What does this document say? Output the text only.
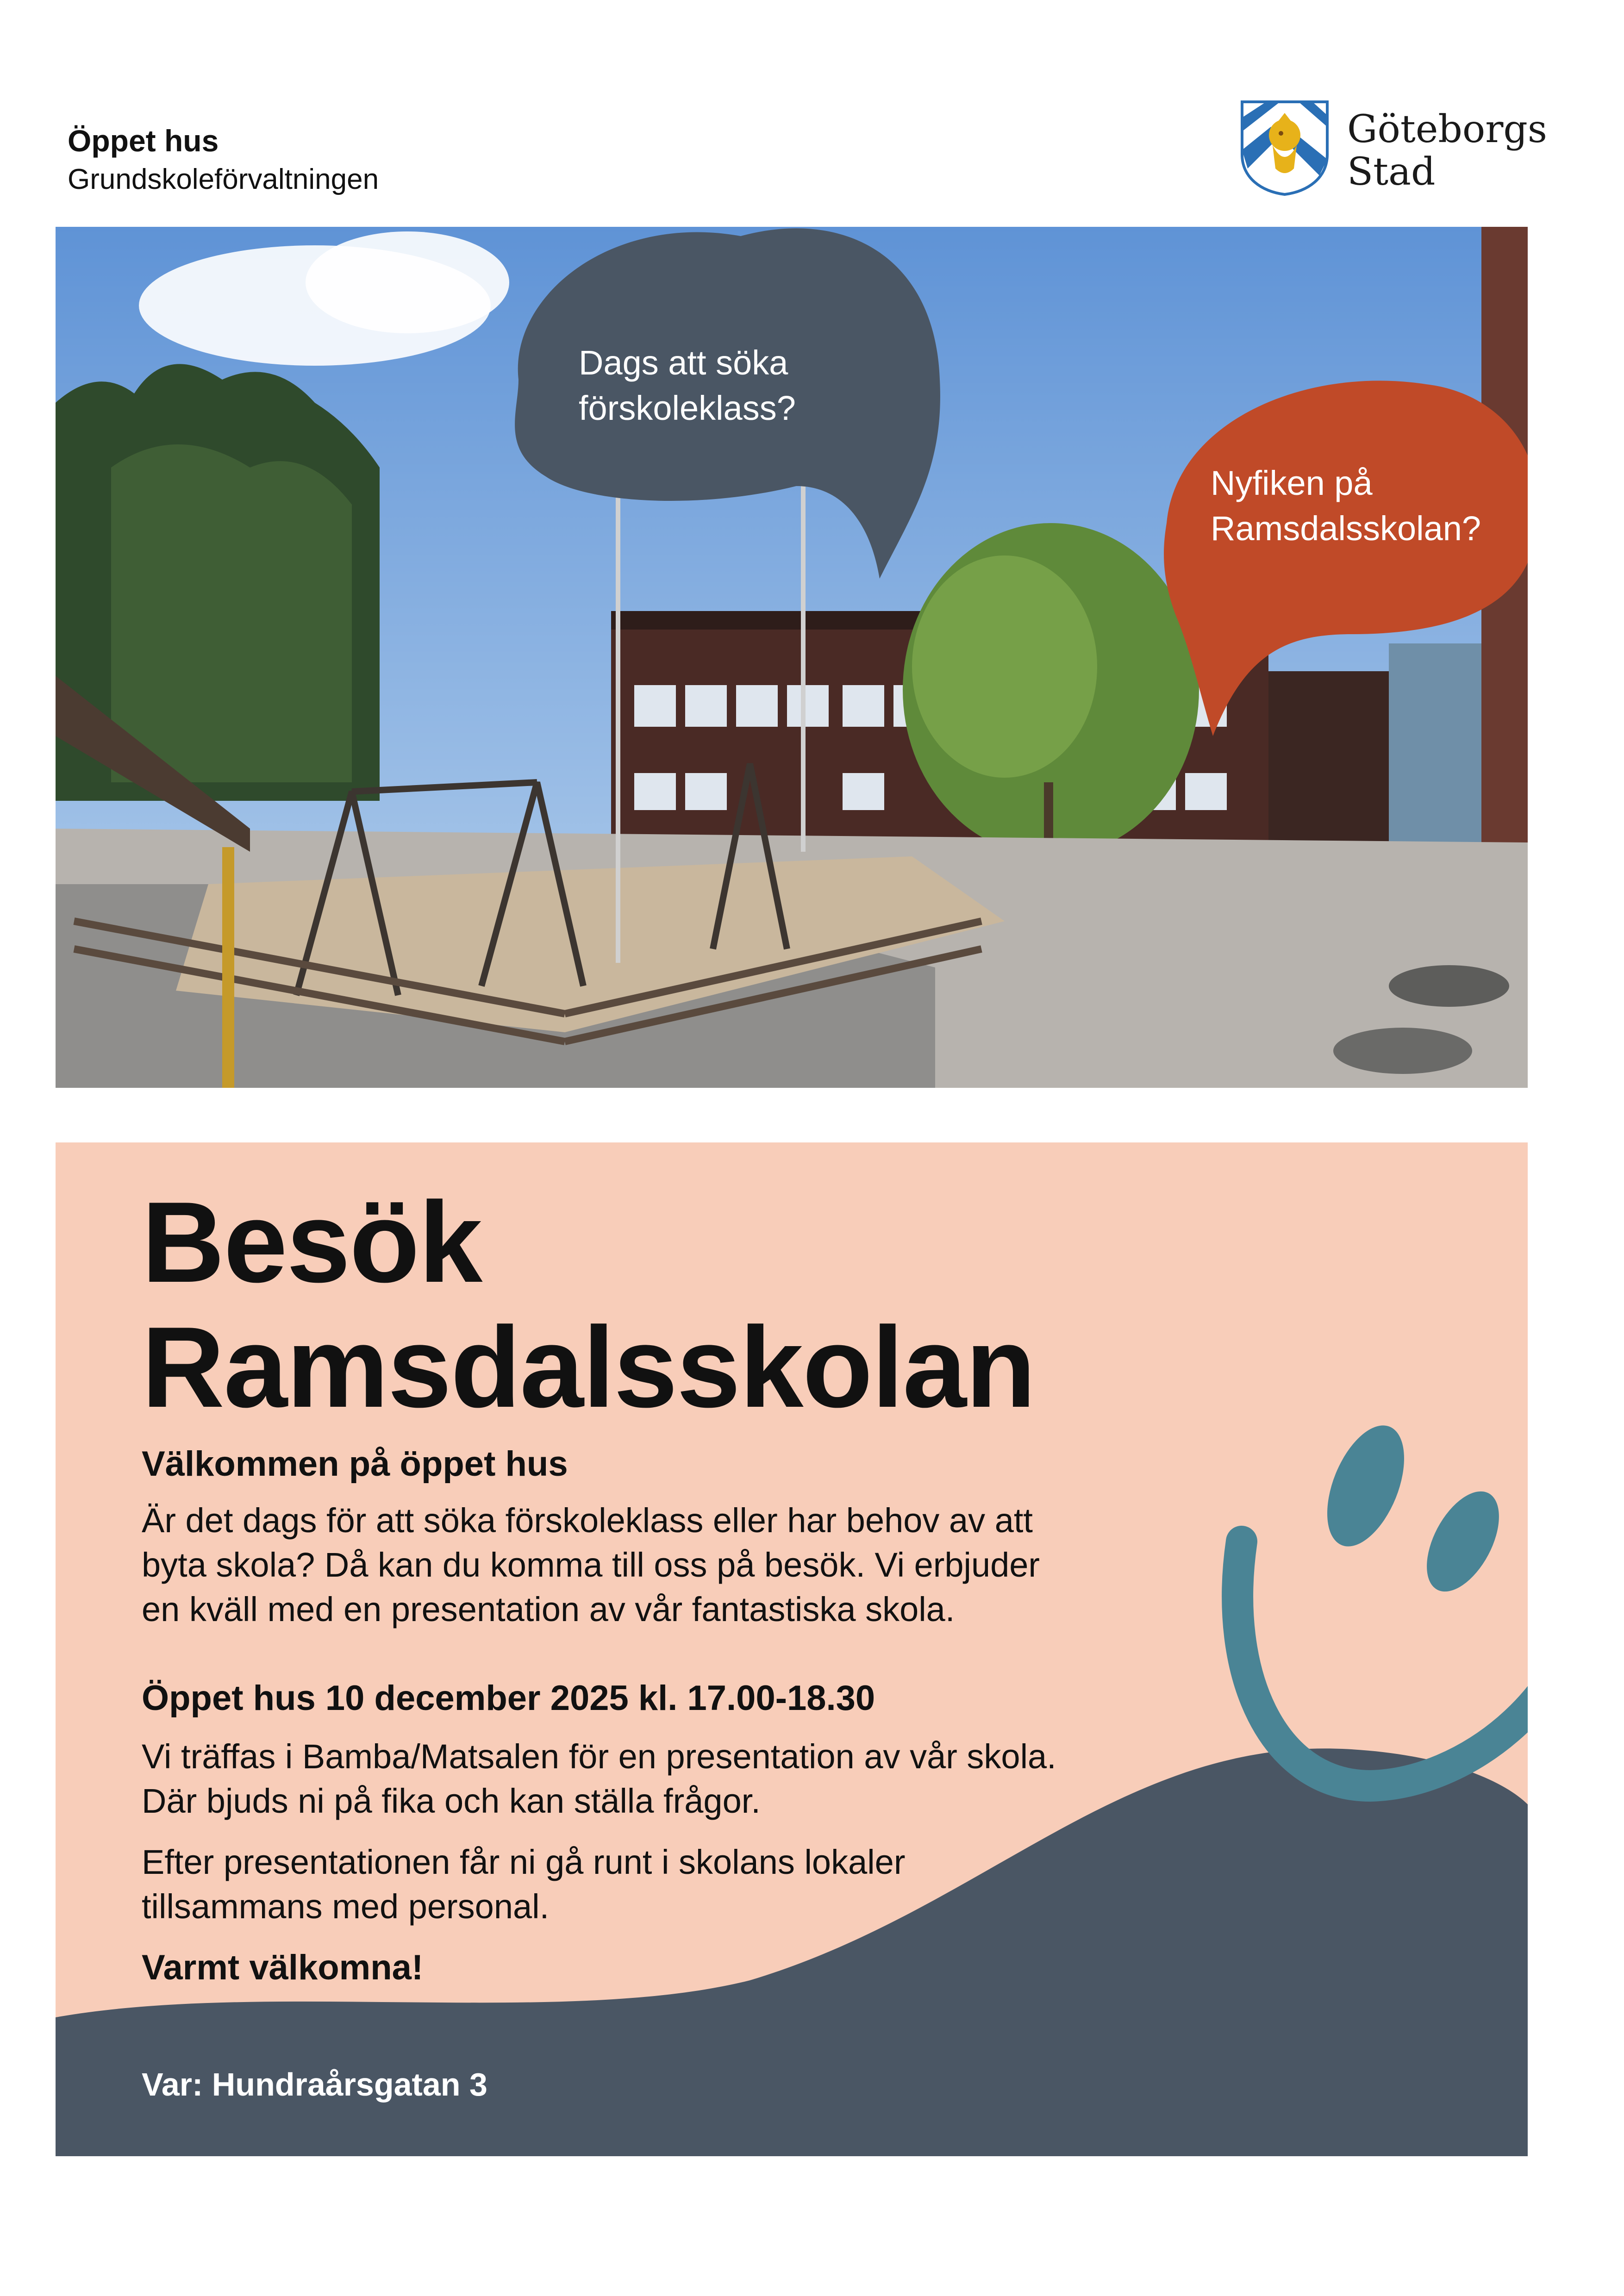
Öppet hus
Grundskoleförvaltningen
Göteborgs
Stad
Dags att söka
förskoleklass?
Nyfiken på
Ramsdalsskolan?
Besök
Ramsdalsskolan
Välkommen på öppet hus
Är det dags för att söka förskoleklass eller har behov av att
byta skola? Då kan du komma till oss på besök. Vi erbjuder
en kväll med en presentation av vår fantastiska skola.
Öppet hus 10 december 2025 kl. 17.00-18.30
Vi träffas i Bamba/Matsalen för en presentation av vår skola.
Där bjuds ni på fika och kan ställa frågor.
Efter presentationen får ni gå runt i skolans lokaler
tillsammans med personal.
Varmt välkomna!
Var: Hundraårsgatan 3
